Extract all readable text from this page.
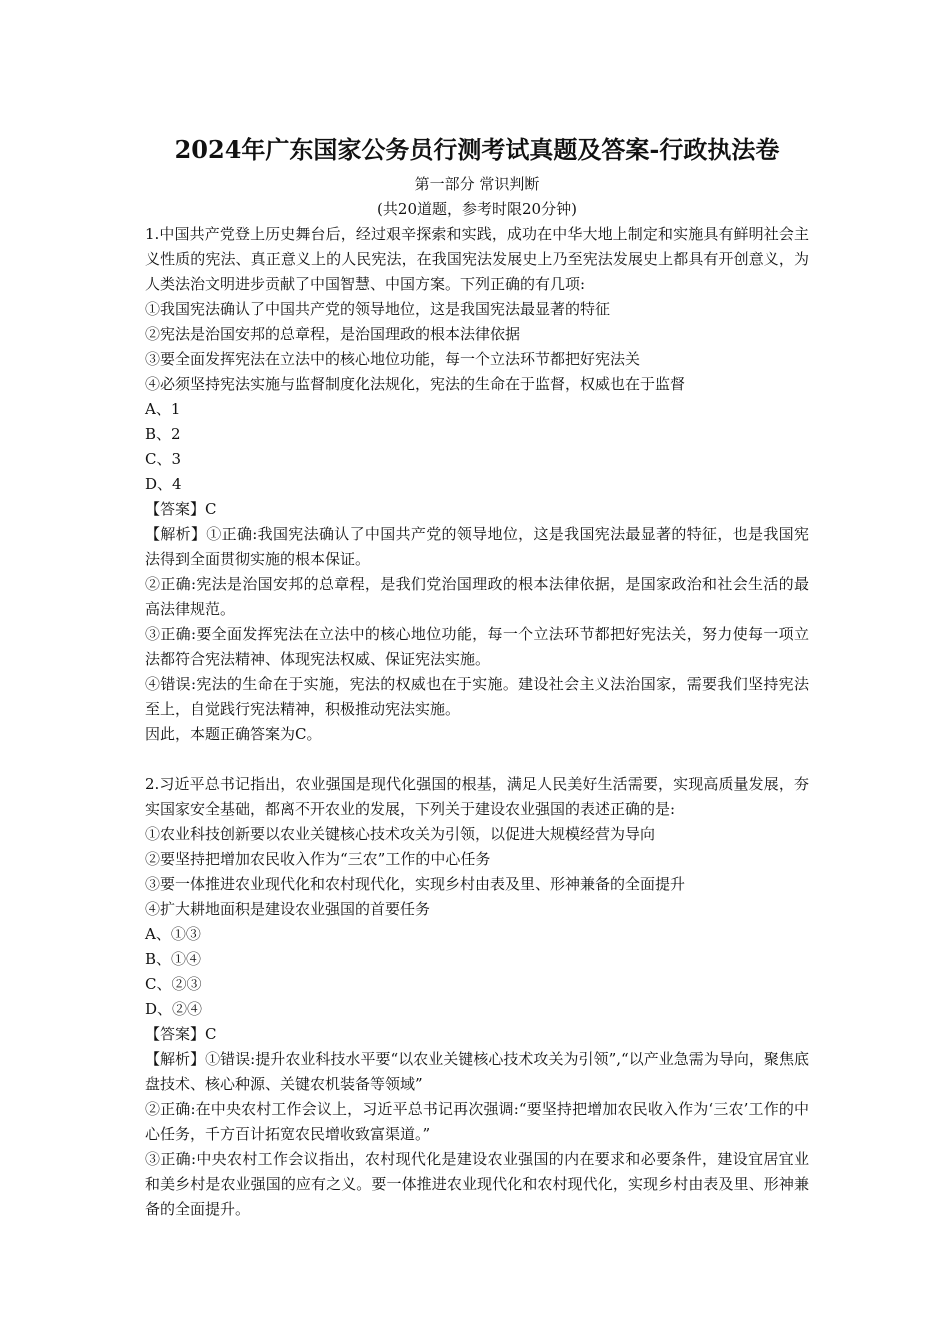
2024年广东国家公务员行测考试真题及答案-行政执法卷

第一部分 常识判断

(共20道题，参考时限20分钟)

1.中国共产党登上历史舞台后，经过艰辛探索和实践，成功在中华大地上制定和实施具有鲜明社会主义性质的宪法、真正意义上的人民宪法，在我国宪法发展史上乃至宪法发展史上都具有开创意义，为人类法治文明进步贡献了中国智慧、中国方案。下列正确的有几项:

①我国宪法确认了中国共产党的领导地位，这是我国宪法最显著的特征

②宪法是治国安邦的总章程，是治国理政的根本法律依据

③要全面发挥宪法在立法中的核心地位功能，每一个立法环节都把好宪法关

④必须坚持宪法实施与监督制度化法规化，宪法的生命在于监督，权威也在于监督

A、1

B、2

C、3

D、4

【答案】C

【解析】①正确:我国宪法确认了中国共产党的领导地位，这是我国宪法最显著的特征，也是我国宪法得到全面贯彻实施的根本保证。

②正确:宪法是治国安邦的总章程，是我们党治国理政的根本法律依据，是国家政治和社会生活的最高法律规范。

③正确:要全面发挥宪法在立法中的核心地位功能，每一个立法环节都把好宪法关，努力使每一项立法都符合宪法精神、体现宪法权威、保证宪法实施。

④错误:宪法的生命在于实施，宪法的权威也在于实施。建设社会主义法治国家，需要我们坚持宪法至上，自觉践行宪法精神，积极推动宪法实施。

因此，本题正确答案为C。

2.习近平总书记指出，农业强国是现代化强国的根基，满足人民美好生活需要，实现高质量发展，夯实国家安全基础，都离不开农业的发展，下列关于建设农业强国的表述正确的是:

①农业科技创新要以农业关键核心技术攻关为引领，以促进大规模经营为导向

②要坚持把增加农民收入作为“三农”工作的中心任务

③要一体推进农业现代化和农村现代化，实现乡村由表及里、形神兼备的全面提升

④扩大耕地面积是建设农业强国的首要任务

A、①③

B、①④

C、②③

D、②④

【答案】C

【解析】①错误:提升农业科技水平要“以农业关键核心技术攻关为引领”,“以产业急需为导向，聚焦底盘技术、核心种源、关键农机装备等领域”

②正确:在中央农村工作会议上，习近平总书记再次强调:“要坚持把增加农民收入作为‘三农’工作的中心任务，千方百计拓宽农民增收致富渠道。”

③正确:中央农村工作会议指出，农村现代化是建设农业强国的内在要求和必要条件，建设宜居宜业和美乡村是农业强国的应有之义。要一体推进农业现代化和农村现代化，实现乡村由表及里、形神兼备的全面提升。
